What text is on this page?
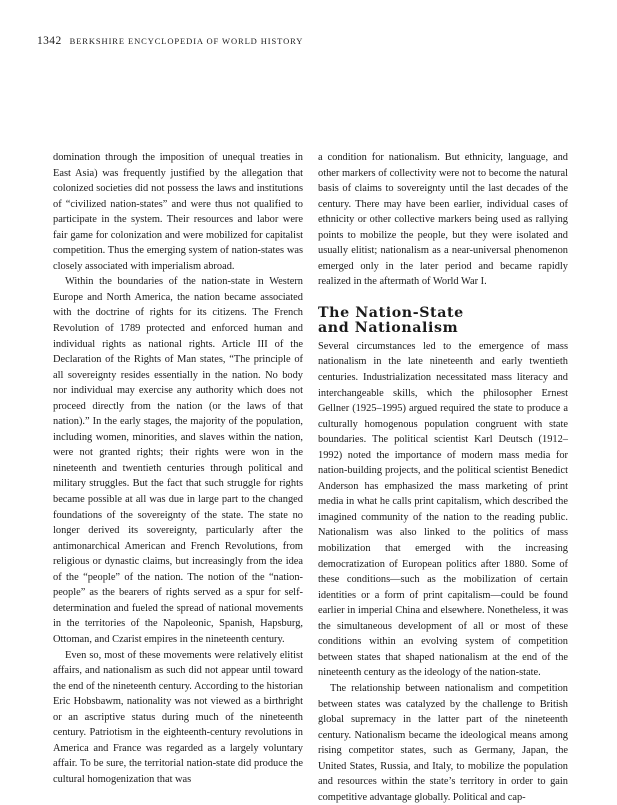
1342 BERKSHIRE ENCYCLOPEDIA OF WORLD HISTORY

domination through the imposition of unequal treaties in East Asia) was frequently justified by the allegation that colonized societies did not possess the laws and institutions of “civilized nation-states” and were thus not qualified to participate in the system. Their resources and labor were fair game for colonization and were mobilized for capitalist competition. Thus the emerging system of nation-states was closely associated with imperialism abroad.

Within the boundaries of the nation-state in Western Europe and North America, the nation became associated with the doctrine of rights for its citizens. The French Revolution of 1789 protected and enforced human and individual rights as national rights. Article III of the Declaration of the Rights of Man states, “The principle of all sovereignty resides essentially in the nation. No body nor individual may exercise any authority which does not proceed directly from the nation (or the laws of that nation).” In the early stages, the majority of the population, including women, minorities, and slaves within the nation, were not granted rights; their rights were won in the nineteenth and twentieth centuries through political and military struggles. But the fact that such struggle for rights became possible at all was due in large part to the changed foundations of the sovereignty of the state. The state no longer derived its sovereignty, particularly after the antimonarchical American and French Revolutions, from religious or dynastic claims, but increasingly from the idea of the “people” of the nation. The notion of the “nation-people” as the bearers of rights served as a spur for self-determination and fueled the spread of national movements in the territories of the Napoleonic, Spanish, Hapsburg, Ottoman, and Czarist empires in the nineteenth century.

Even so, most of these movements were relatively elitist affairs, and nationalism as such did not appear until toward the end of the nineteenth century. According to the historian Eric Hobsbawm, nationality was not viewed as a birthright or an ascriptive status during much of the nineteenth century. Patriotism in the eighteenth-century revolutions in America and France was regarded as a largely voluntary affair. To be sure, the territorial nation-state did produce the cultural homogenization that was

a condition for nationalism. But ethnicity, language, and other markers of collectivity were not to become the natural basis of claims to sovereignty until the last decades of the century. There may have been earlier, individual cases of ethnicity or other collective markers being used as rallying points to mobilize the people, but they were isolated and usually elitist; nationalism as a near-universal phenomenon emerged only in the later period and became rapidly realized in the aftermath of World War I.

The Nation-State
and Nationalism

Several circumstances led to the emergence of mass nationalism in the late nineteenth and early twentieth centuries. Industrialization necessitated mass literacy and interchangeable skills, which the philosopher Ernest Gellner (1925–1995) argued required the state to produce a culturally homogenous population congruent with state boundaries. The political scientist Karl Deutsch (1912–1992) noted the importance of modern mass media for nation-building projects, and the political scientist Benedict Anderson has emphasized the mass marketing of print media in what he calls print capitalism, which described the imagined community of the nation to the reading public. Nationalism was also linked to the politics of mass mobilization that emerged with the increasing democratization of European politics after 1880. Some of these conditions—such as the mobilization of certain identities or a form of print capitalism—could be found earlier in imperial China and elsewhere. Nonetheless, it was the simultaneous development of all or most of these conditions within an evolving system of competition between states that shaped nationalism at the end of the nineteenth century as the ideology of the nation-state.

The relationship between nationalism and competition between states was catalyzed by the challenge to British global supremacy in the latter part of the nineteenth century. Nationalism became the ideological means among rising competitor states, such as Germany, Japan, the United States, Russia, and Italy, to mobilize the population and resources within the state’s territory in order to gain competitive advantage globally. Political and cap-
